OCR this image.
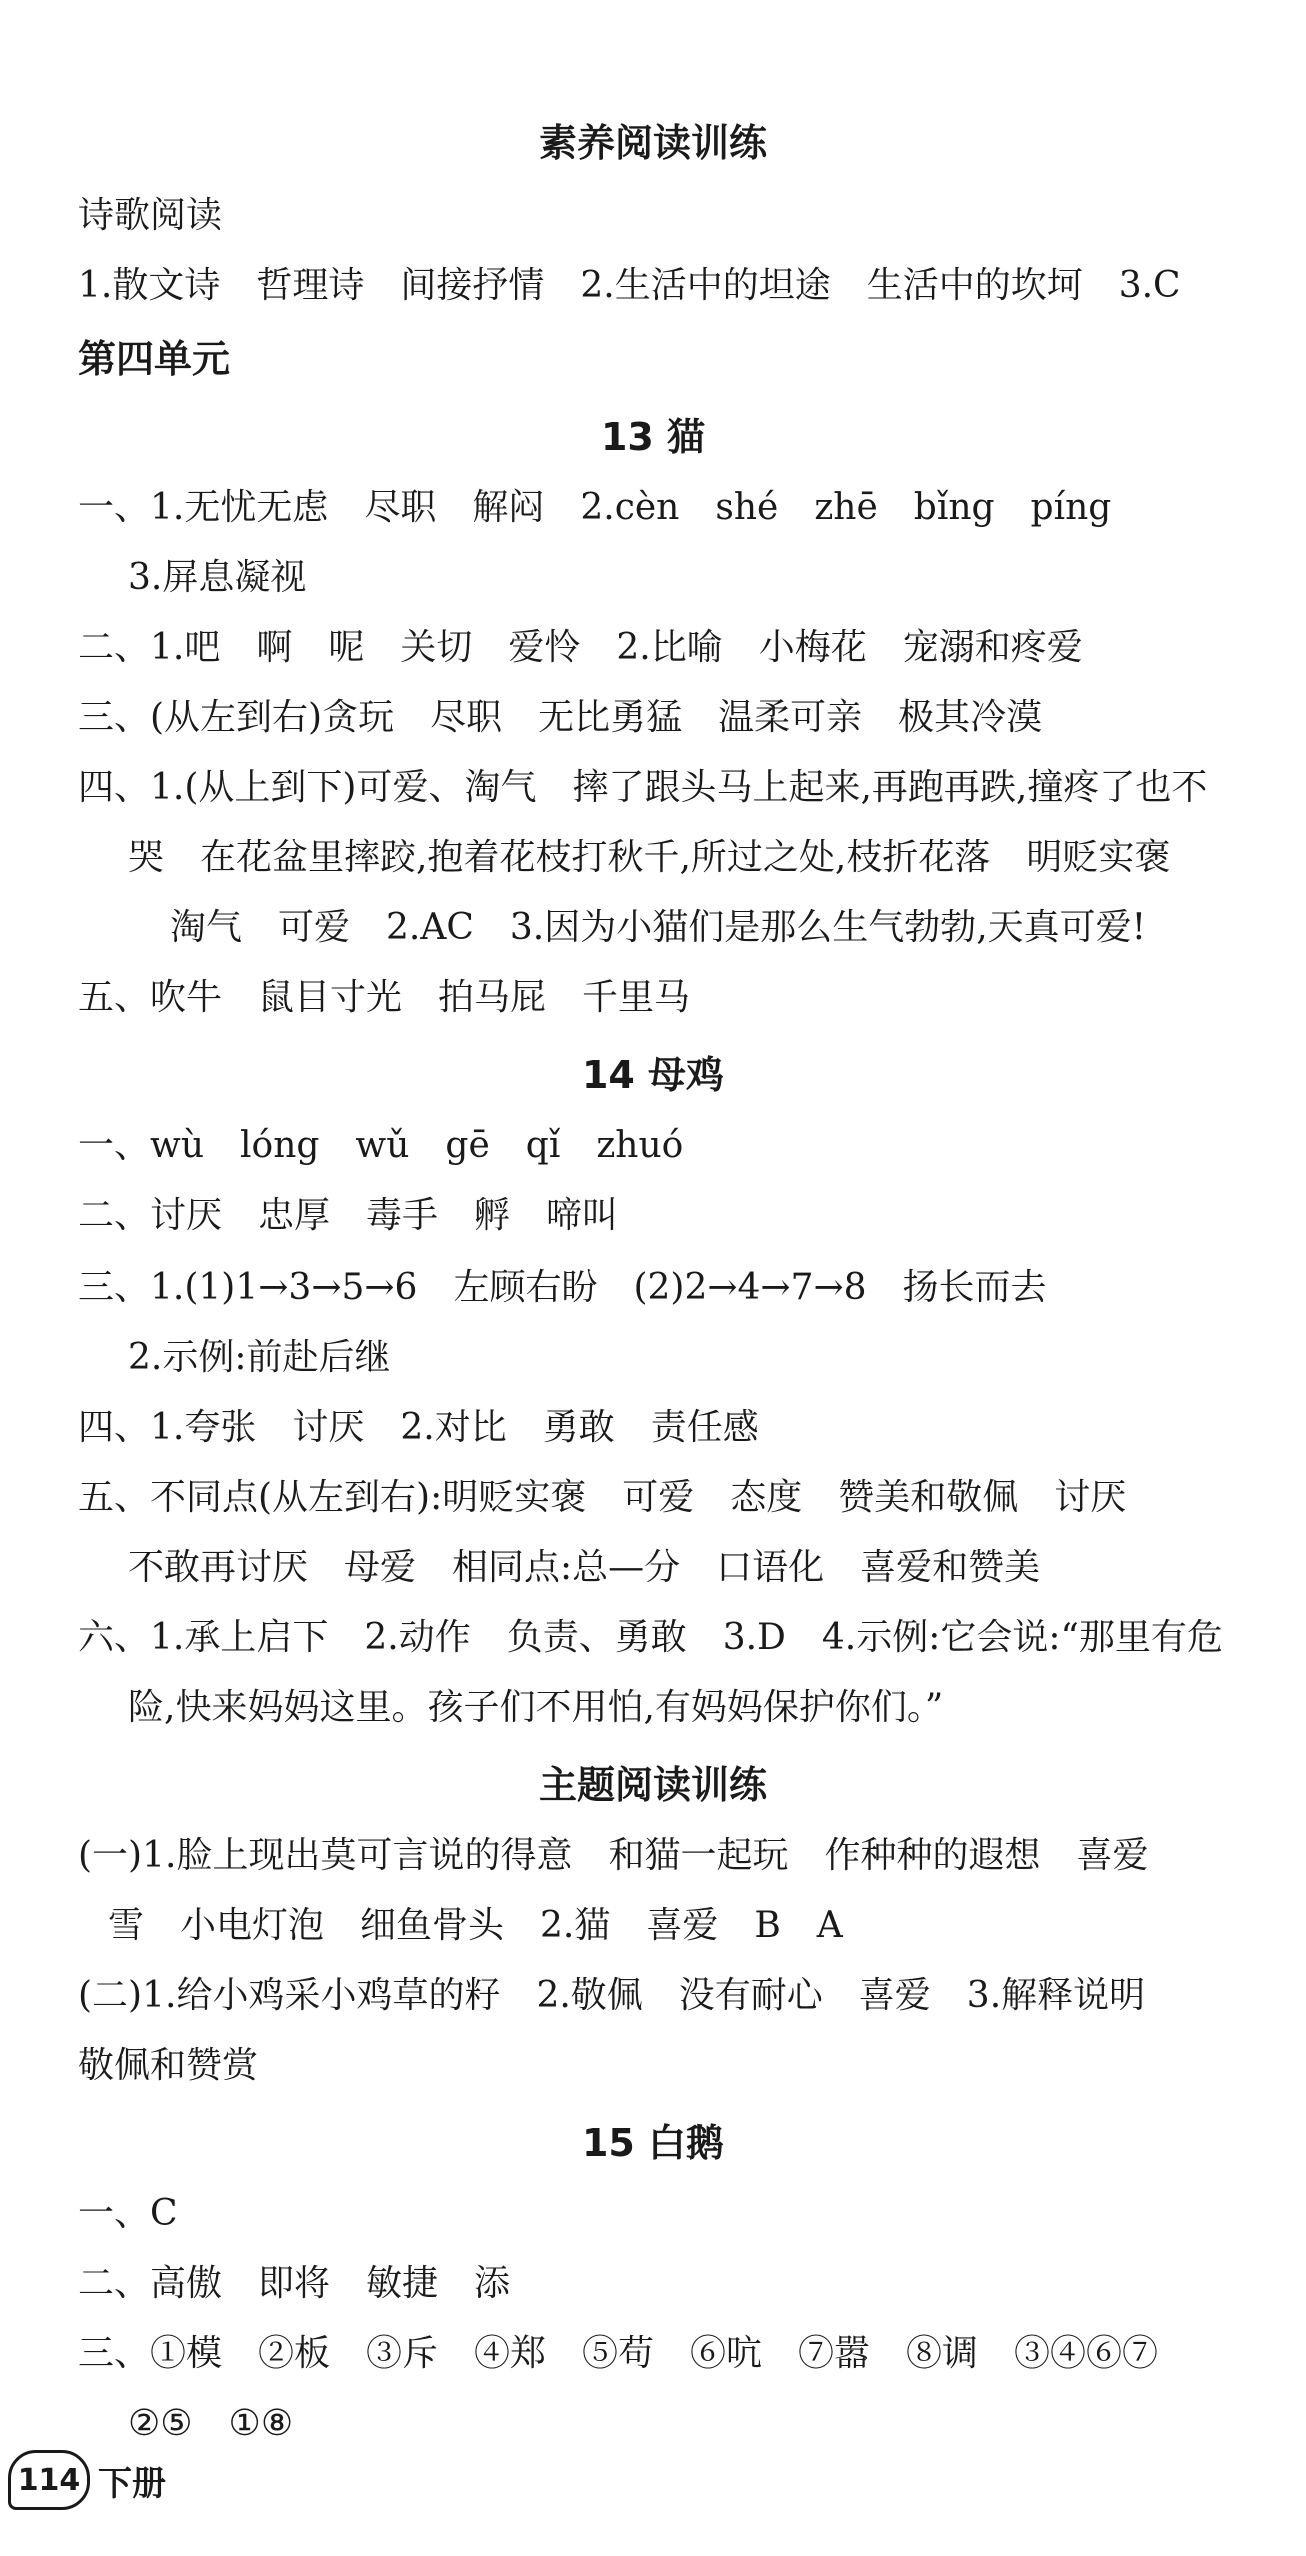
素养阅读训练
诗歌阅读
1.散文诗　哲理诗　间接抒情　2.生活中的坦途　生活中的坎坷　3.C
第四单元
13 猫
一、1.无忧无虑　尽职　解闷　2.cèn　shé　zhē　bǐng　píng
3.屏息凝视
二、1.吧　啊　呢　关切　爱怜　2.比喻　小梅花　宠溺和疼爱
三、(从左到右)贪玩　尽职　无比勇猛　温柔可亲　极其冷漠
四、1.(从上到下)可爱、淘气　摔了跟头马上起来,再跑再跌,撞疼了也不
哭　在花盆里摔跤,抱着花枝打秋千,所过之处,枝折花落　明贬实褒
淘气　可爱　2.AC　3.因为小猫们是那么生气勃勃,天真可爱!
五、吹牛　鼠目寸光　拍马屁　千里马
14 母鸡
一、wù　lóng　wǔ　gē　qǐ　zhuó
二、讨厌　忠厚　毒手　孵　啼叫
三、1.(1)1→3→5→6　左顾右盼　(2)2→4→7→8　扬长而去
2.示例:前赴后继
四、1.夸张　讨厌　2.对比　勇敢　责任感
五、不同点(从左到右):明贬实褒　可爱　态度　赞美和敬佩　讨厌
不敢再讨厌　母爱　相同点:总—分　口语化　喜爱和赞美
六、1.承上启下　2.动作　负责、勇敢　3.D　4.示例:它会说:“那里有危
险,快来妈妈这里。孩子们不用怕,有妈妈保护你们。”
主题阅读训练
(一)1.脸上现出莫可言说的得意　和猫一起玩　作种种的遐想　喜爱
雪　小电灯泡　细鱼骨头　2.猫　喜爱　B　A
(二)1.给小鸡采小鸡草的籽　2.敬佩　没有耐心　喜爱　3.解释说明
敬佩和赞赏
15 白鹅
一、C
二、高傲　即将　敏捷　添
三、①模　②板　③斥　④郑　⑤苟　⑥吭　⑦嚣　⑧调　③④⑥⑦
②⑤　①⑧
114 下册
